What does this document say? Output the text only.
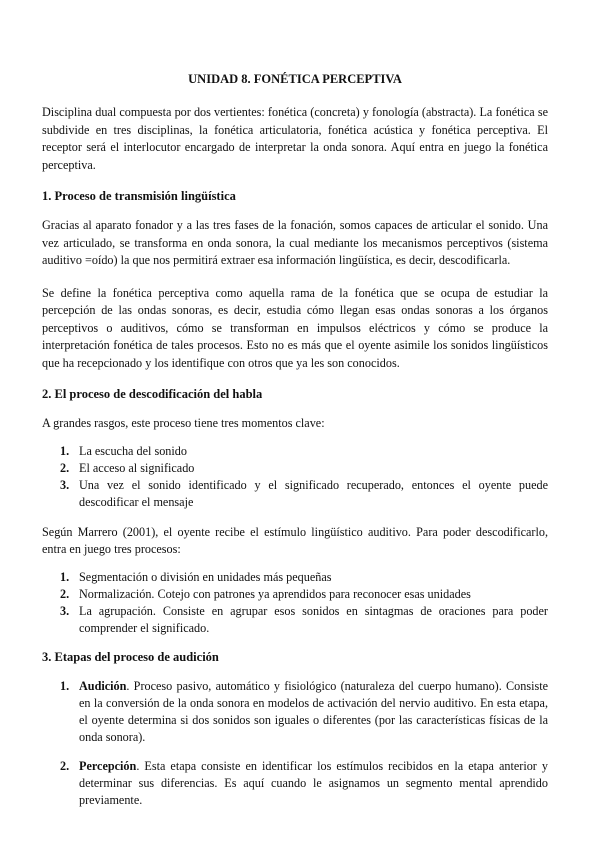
UNIDAD 8. FONÉTICA PERCEPTIVA

Disciplina dual compuesta por dos vertientes: fonética (concreta) y fonología (abstracta). La fonética se subdivide en tres disciplinas, la fonética articulatoria, fonética acústica y fonética perceptiva. El receptor será el interlocutor encargado de interpretar la onda sonora. Aquí entra en juego la fonética perceptiva.

1. Proceso de transmisión lingüística

Gracias al aparato fonador y a las tres fases de la fonación, somos capaces de articular el sonido. Una vez articulado, se transforma en onda sonora, la cual mediante los mecanismos perceptivos (sistema auditivo =oído) la que nos permitirá extraer esa información lingüística, es decir, descodificarla.

Se define la fonética perceptiva como aquella rama de la fonética que se ocupa de estudiar la percepción de las ondas sonoras, es decir, estudia cómo llegan esas ondas sonoras a los órganos perceptivos o auditivos, cómo se transforman en impulsos eléctricos y cómo se produce la interpretación fonética de tales procesos. Esto no es más que el oyente asimile los sonidos lingüísticos que ha recepcionado y los identifique con otros que ya les son conocidos.

2. El proceso de descodificación del habla

A grandes rasgos, este proceso tiene tres momentos clave:

1. La escucha del sonido
2. El acceso al significado
3. Una vez el sonido identificado y el significado recuperado, entonces el oyente puede descodificar el mensaje

Según Marrero (2001), el oyente recibe el estímulo lingüístico auditivo. Para poder descodificarlo, entra en juego tres procesos:

1. Segmentación o división en unidades más pequeñas
2. Normalización. Cotejo con patrones ya aprendidos para reconocer esas unidades
3. La agrupación. Consiste en agrupar esos sonidos en sintagmas de oraciones para poder comprender el significado.
3. Etapas del proceso de audición
1. Audición. Proceso pasivo, automático y fisiológico (naturaleza del cuerpo humano). Consiste en la conversión de la onda sonora en modelos de activación del nervio auditivo. En esta etapa, el oyente determina si dos sonidos son iguales o diferentes (por las características físicas de la onda sonora).
2. Percepción. Esta etapa consiste en identificar los estímulos recibidos en la etapa anterior y determinar sus diferencias. Es aquí cuando le asignamos un segmento mental aprendido previamente.
